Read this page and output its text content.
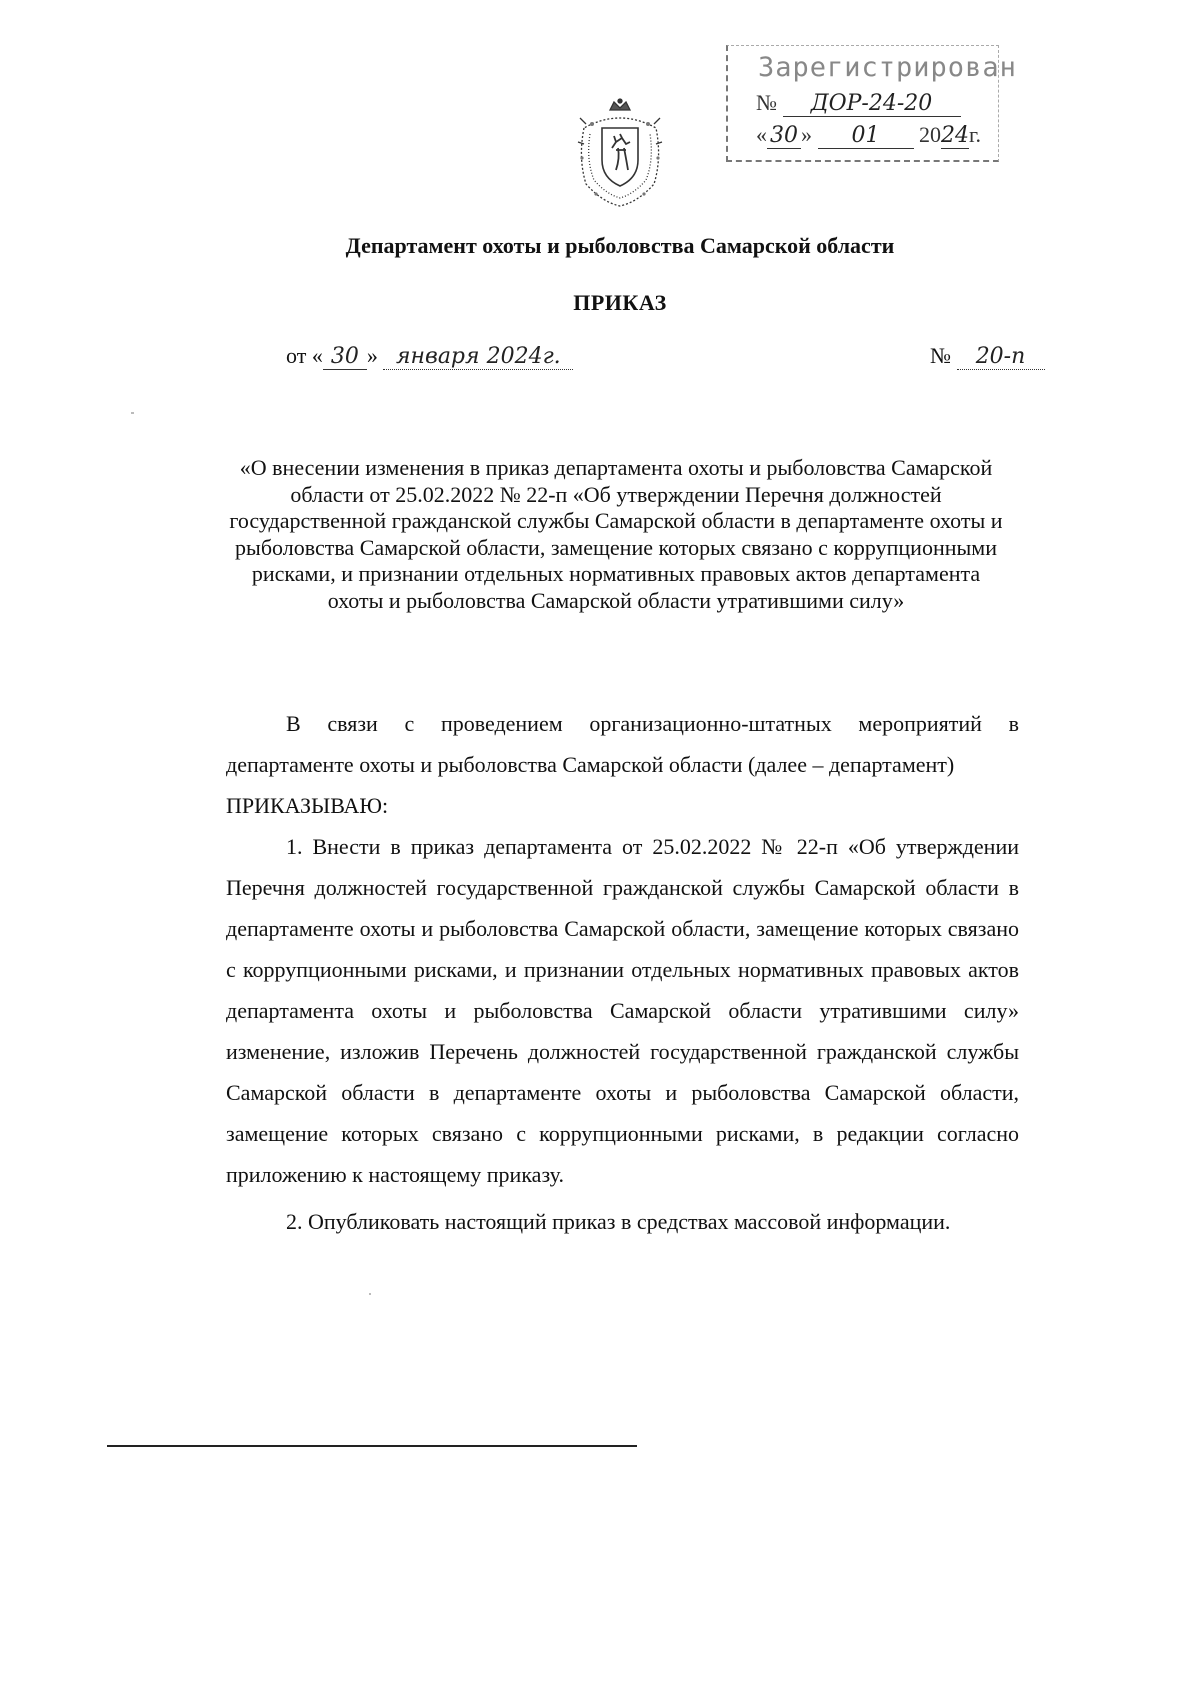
Зарегистрирован
№ ДОР-24-20
« 30 » 01 2024г.
Департамент охоты и рыболовства Самарской области
ПРИКАЗ
от « 30 » января 2024г.	№ 20-п
«О внесении изменения в приказ департамента охоты и рыболовства Самарской области от 25.02.2022 № 22-п «Об утверждении Перечня должностей государственной гражданской службы Самарской области в департаменте охоты и рыболовства Самарской области, замещение которых связано с коррупционными рисками, и признании отдельных нормативных правовых актов департамента охоты и рыболовства Самарской области утратившими силу»

В связи с проведением организационно-штатных мероприятий в департаменте охоты и рыболовства Самарской области (далее – департамент)

ПРИКАЗЫВАЮ:

1. Внести в приказ департамента от 25.02.2022 № 22-п «Об утверждении Перечня должностей государственной гражданской службы Самарской области в департаменте охоты и рыболовства Самарской области, замещение которых связано с коррупционными рисками, и признании отдельных нормативных правовых актов департамента охоты и рыболовства Самарской области утратившими силу» изменение, изложив Перечень должностей государственной гражданской службы Самарской области в департаменте охоты и рыболовства Самарской области, замещение которых связано с коррупционными рисками, в редакции согласно приложению к настоящему приказу.

2. Опубликовать настоящий приказ в средствах массовой информации.
